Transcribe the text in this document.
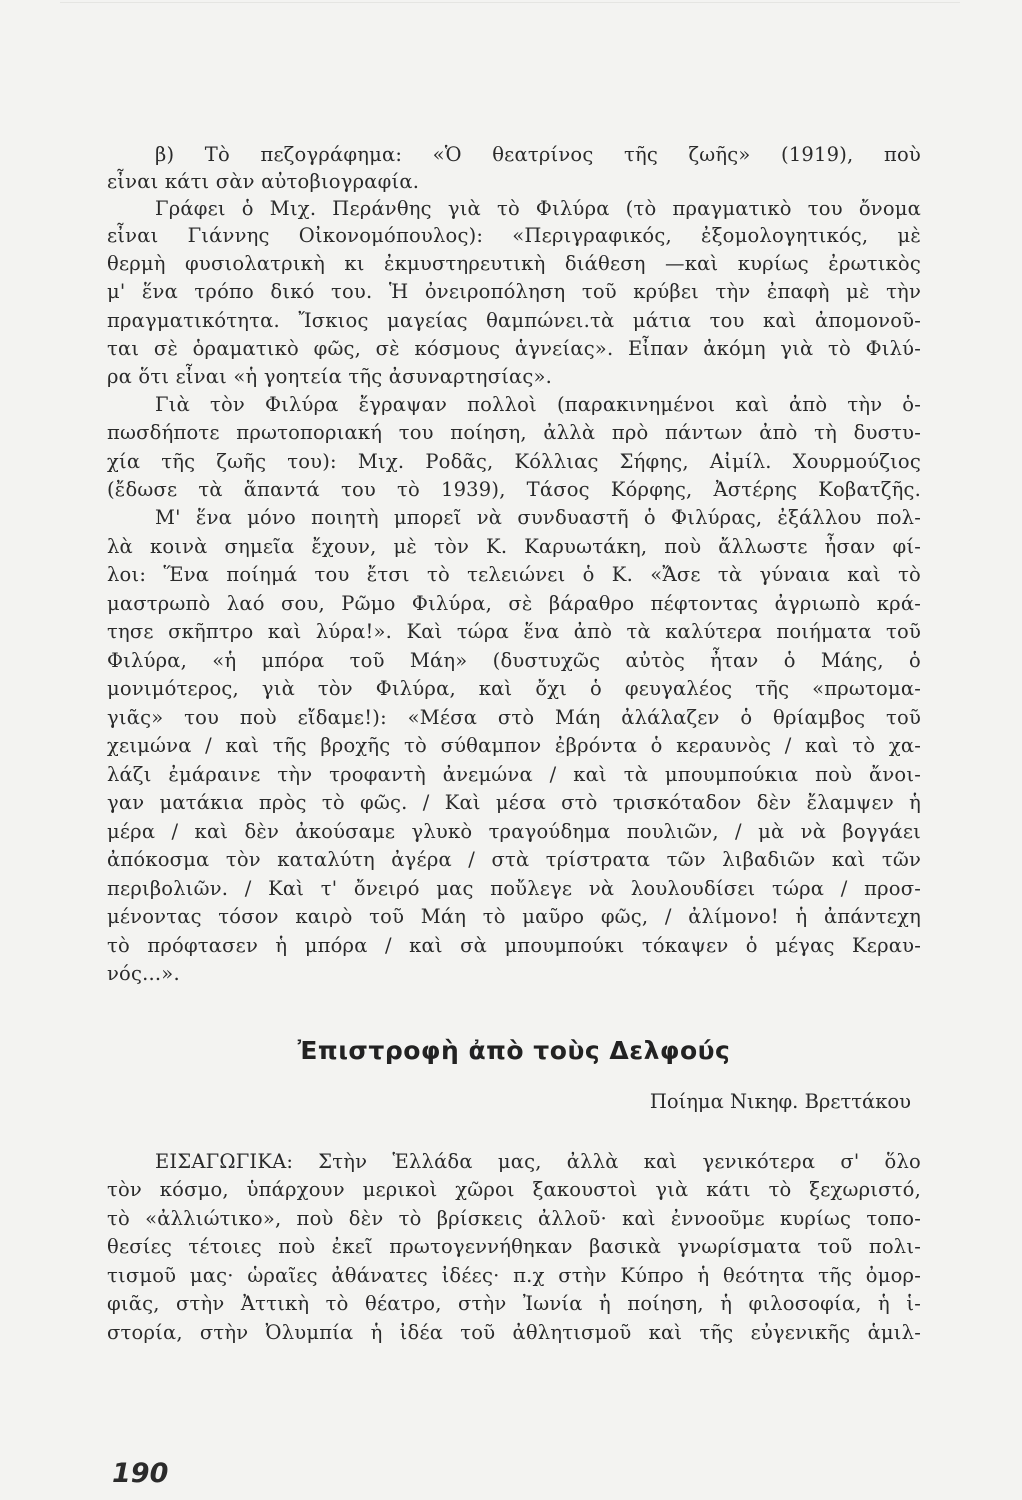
β) Τὸ πεζογράφημα: «Ὁ θεατρίνος τῆς ζωῆς» (1919), ποὺ
εἶναι κάτι σὰν αὐτοβιογραφία.
Γράφει ὁ Μιχ. Περάνθης γιὰ τὸ Φιλύρα (τὸ πραγματικὸ του ὄνομα
εἶναι Γιάννης Οἰκονομόπουλος): «Περιγραφικός, ἐξομολογητικός, μὲ
θερμὴ φυσιολατρικὴ κι ἐκμυστηρευτικὴ διάθεση —καὶ κυρίως ἐρωτικὸς
μ' ἕνα τρόπο δικό του. Ἡ ὀνειροπόληση τοῦ κρύβει τὴν ἐπαφὴ μὲ τὴν
πραγματικότητα. Ἴσκιος μαγείας θαμπώνει.τὰ μάτια του καὶ ἀπομονοῦ-
ται σὲ ὁραματικὸ φῶς, σὲ κόσμους ἁγνείας». Εἶπαν ἀκόμη γιὰ τὸ Φιλύ-
ρα ὅτι εἶναι «ἡ γοητεία τῆς ἀσυναρτησίας».
Γιὰ τὸν Φιλύρα ἔγραψαν πολλοὶ (παρακινημένοι καὶ ἀπὸ τὴν ὁ-
πωσδήποτε πρωτοποριακή του ποίηση, ἀλλὰ πρὸ πάντων ἀπὸ τὴ δυστυ-
χία τῆς ζωῆς του): Μιχ. Ροδᾶς, Κόλλιας Σήφης, Αἰμίλ. Χουρμούζιος
(ἔδωσε τὰ ἅπαντά του τὸ 1939), Τάσος Κόρφης, Ἀστέρης Κοβατζῆς.
Μ' ἕνα μόνο ποιητὴ μπορεῖ νὰ συνδυαστῆ ὁ Φιλύρας, ἐξάλλου πολ-
λὰ κοινὰ σημεῖα ἔχουν, μὲ τὸν Κ. Καρυωτάκη, ποὺ ἄλλωστε ἦσαν φί-
λοι: Ἕνα ποίημά του ἔτσι τὸ τελειώνει ὁ Κ. «Ἄσε τὰ γύναια καὶ τὸ
μαστρωπὸ λαό σου, Ρῶμο Φιλύρα, σὲ βάραθρο πέφτοντας ἀγριωπὸ κρά-
τησε σκῆπτρο καὶ λύρα!». Καὶ τώρα ἕνα ἀπὸ τὰ καλύτερα ποιήματα τοῦ
Φιλύρα, «ἡ μπόρα τοῦ Μάη» (δυστυχῶς αὐτὸς ἦταν ὁ Μάης, ὁ
μονιμότερος, γιὰ τὸν Φιλύρα, καὶ ὄχι ὁ φευγαλέος τῆς «πρωτομα-
γιᾶς» του ποὺ εἴδαμε!): «Μέσα στὸ Μάη ἀλάλαζεν ὁ θρίαμβος τοῦ
χειμώνα / καὶ τῆς βροχῆς τὸ σύθαμπον ἐβρόντα ὁ κεραυνὸς / καὶ τὸ χα-
λάζι ἐμάραινε τὴν τροφαντὴ ἀνεμώνα / καὶ τὰ μπουμπούκια ποὺ ἄνοι-
γαν ματάκια πρὸς τὸ φῶς. / Καὶ μέσα στὸ τρισκόταδον δὲν ἔλαμψεν ἡ
μέρα / καὶ δὲν ἀκούσαμε γλυκὸ τραγούδημα πουλιῶν, / μὰ νὰ βογγάει
ἀπόκοσμα τὸν καταλύτη ἀγέρα / στὰ τρίστρατα τῶν λιβαδιῶν καὶ τῶν
περιβολιῶν. / Καὶ τ' ὄνειρό μας ποὔλεγε νὰ λουλουδίσει τώρα / προσ-
μένοντας τόσον καιρὸ τοῦ Μάη τὸ μαῦρο φῶς, / ἀλίμονο! ἡ ἀπάντεχη
τὸ πρόφτασεν ἡ μπόρα / καὶ σὰ μπουμπούκι τόκαψεν ὁ μέγας Κεραυ-
νός...».
Ἐπιστροφὴ ἀπὸ τοὺς Δελφούς
Ποίημα Νικηφ. Βρεττάκου
ΕΙΣΑΓΩΓΙΚΑ: Στὴν Ἑλλάδα μας, ἀλλὰ καὶ γενικότερα σ' ὅλο
τὸν κόσμο, ὑπάρχουν μερικοὶ χῶροι ξακουστοὶ γιὰ κάτι τὸ ξεχωριστό,
τὸ «ἀλλιώτικο», ποὺ δὲν τὸ βρίσκεις ἀλλοῦ· καὶ ἐννοοῦμε κυρίως τοπο-
θεσίες τέτοιες ποὺ ἐκεῖ πρωτογεννήθηκαν βασικὰ γνωρίσματα τοῦ πολι-
τισμοῦ μας· ὡραῖες ἀθάνατες ἰδέες· π.χ στὴν Κύπρο ἡ θεότητα τῆς ὀμορ-
φιᾶς, στὴν Ἀττικὴ τὸ θέατρο, στὴν Ἰωνία ἡ ποίηση, ἡ φιλοσοφία, ἡ ἱ-
στορία, στὴν Ὀλυμπία ἡ ἰδέα τοῦ ἀθλητισμοῦ καὶ τῆς εὐγενικῆς ἁμιλ-
190
